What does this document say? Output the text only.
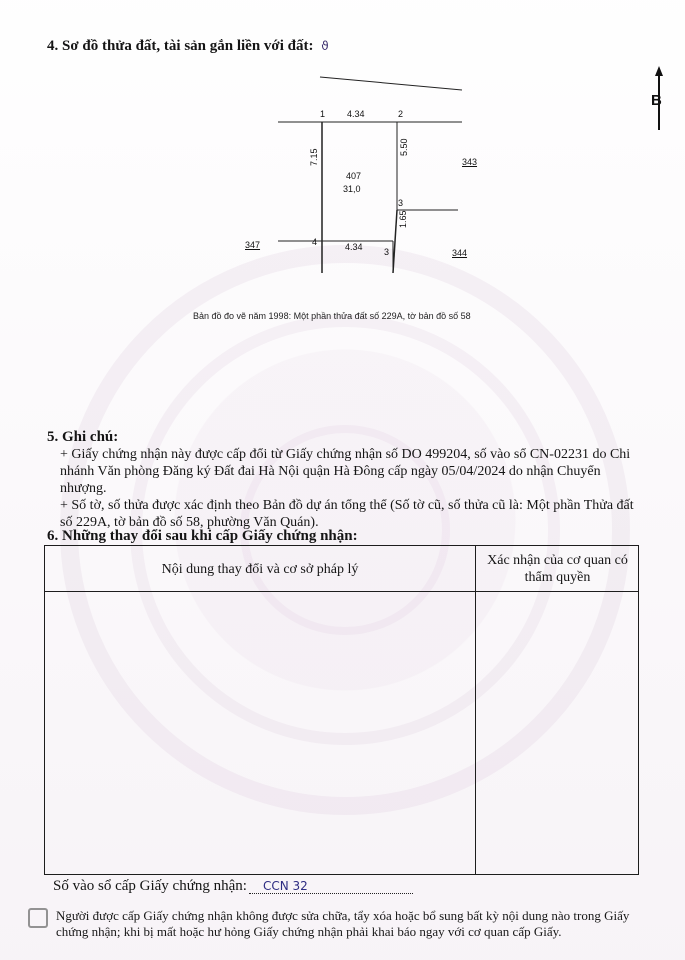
4. Sơ đồ thửa đất, tài sản gắn liền với đất: ϑ
B
1	2
4.34
7.15
5.50
1.65
407
31,0
3
4	4.34 3
347
343
344
Bản đồ đo vẽ năm 1998: Một phần thửa đất số 229A, tờ bản đồ số 58
5. Ghi chú:
+ Giấy chứng nhận này được cấp đổi từ Giấy chứng nhận số DO 499204, số vào sổ CN-02231 do Chi nhánh Văn phòng Đăng ký Đất đai Hà Nội quận Hà Đông cấp ngày 05/04/2024 do nhận Chuyển nhượng.
+ Số tờ, số thửa được xác định theo Bản đồ dự án tổng thể (Số tờ cũ, số thửa cũ là: Một phần Thửa đất số 229A, tờ bản đồ số 58, phường Văn Quán).
6. Những thay đổi sau khi cấp Giấy chứng nhận:
Nội dung thay đổi và cơ sở pháp lý
Xác nhận của cơ quan có thẩm quyền
Số vào sổ cấp Giấy chứng nhận: CCN 32
Người được cấp Giấy chứng nhận không được sửa chữa, tẩy xóa hoặc bổ sung bất kỳ nội dung nào trong Giấy chứng nhận; khi bị mất hoặc hư hỏng Giấy chứng nhận phải khai báo ngay với cơ quan cấp Giấy.
